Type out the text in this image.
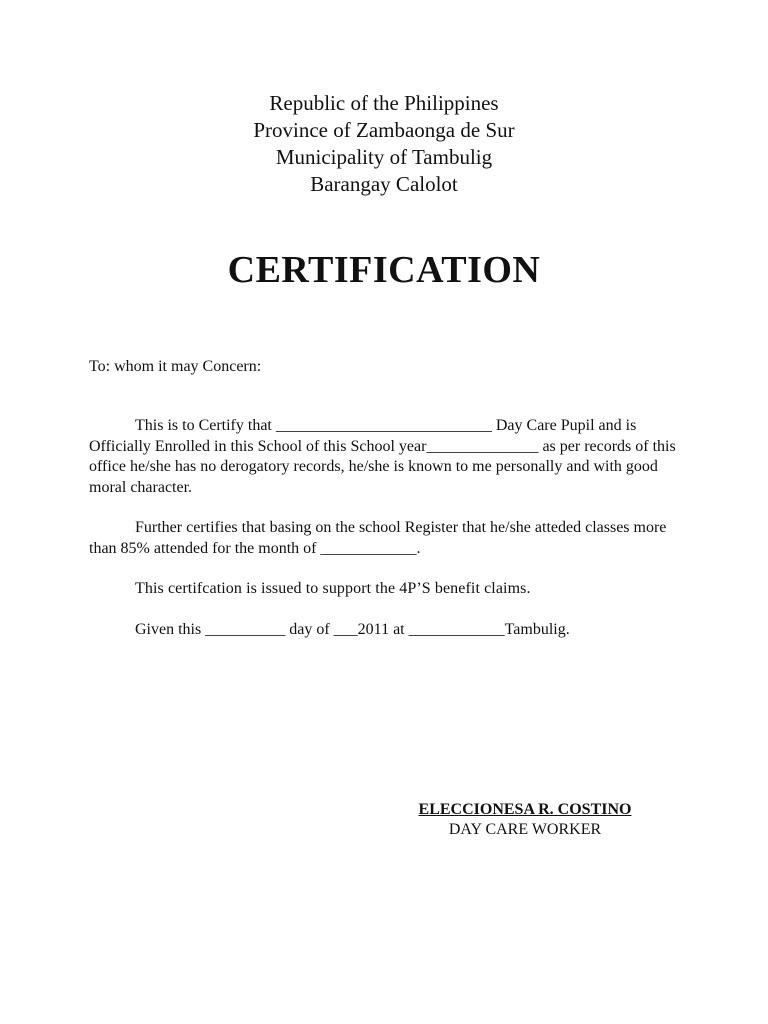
Republic of the Philippines
Province of Zambaonga de Sur
Municipality of Tambulig
Barangay Calolot
CERTIFICATION
To: whom it may Concern:
This is to Certify that ___________________________ Day Care Pupil and is Officially Enrolled in this School of this School year______________ as per records of this office he/she has no derogatory records, he/she is known to me personally and with good moral character.
Further certifies that basing on the school Register that he/she atteded classes more than 85% attended for the month of ____________.
This certifcation is issued to support the 4P’S benefit claims.
Given this __________ day of ___2011 at ____________Tambulig.
ELECCIONESA R. COSTINO
DAY CARE WORKER
